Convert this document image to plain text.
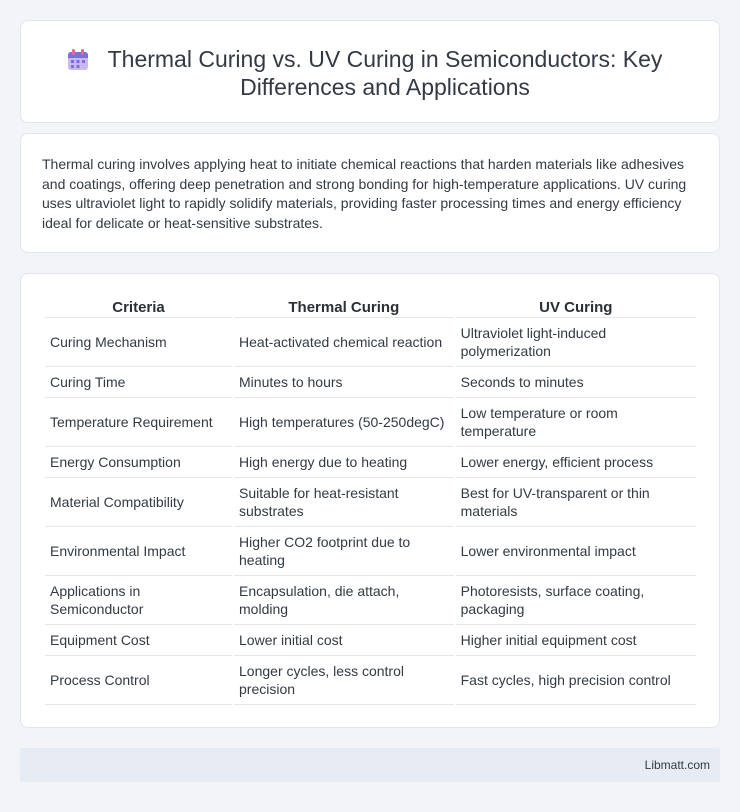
Thermal Curing vs. UV Curing in Semiconductors: Key Differences and Applications

Thermal curing involves applying heat to initiate chemical reactions that harden materials like adhesives and coatings, offering deep penetration and strong bonding for high-temperature applications. UV curing uses ultraviolet light to rapidly solidify materials, providing faster processing times and energy efficiency ideal for delicate or heat-sensitive substrates.

Criteria	Thermal Curing	UV Curing
Curing Mechanism	Heat-activated chemical reaction	Ultraviolet light-induced polymerization
Curing Time	Minutes to hours	Seconds to minutes
Temperature Requirement	High temperatures (50-250degC)	Low temperature or room temperature
Energy Consumption	High energy due to heating	Lower energy, efficient process
Material Compatibility	Suitable for heat-resistant substrates	Best for UV-transparent or thin materials
Environmental Impact	Higher CO2 footprint due to heating	Lower environmental impact
Applications in Semiconductor	Encapsulation, die attach, molding	Photoresists, surface coating, packaging
Equipment Cost	Lower initial cost	Higher initial equipment cost
Process Control	Longer cycles, less control precision	Fast cycles, high precision control
Libmatt.com
